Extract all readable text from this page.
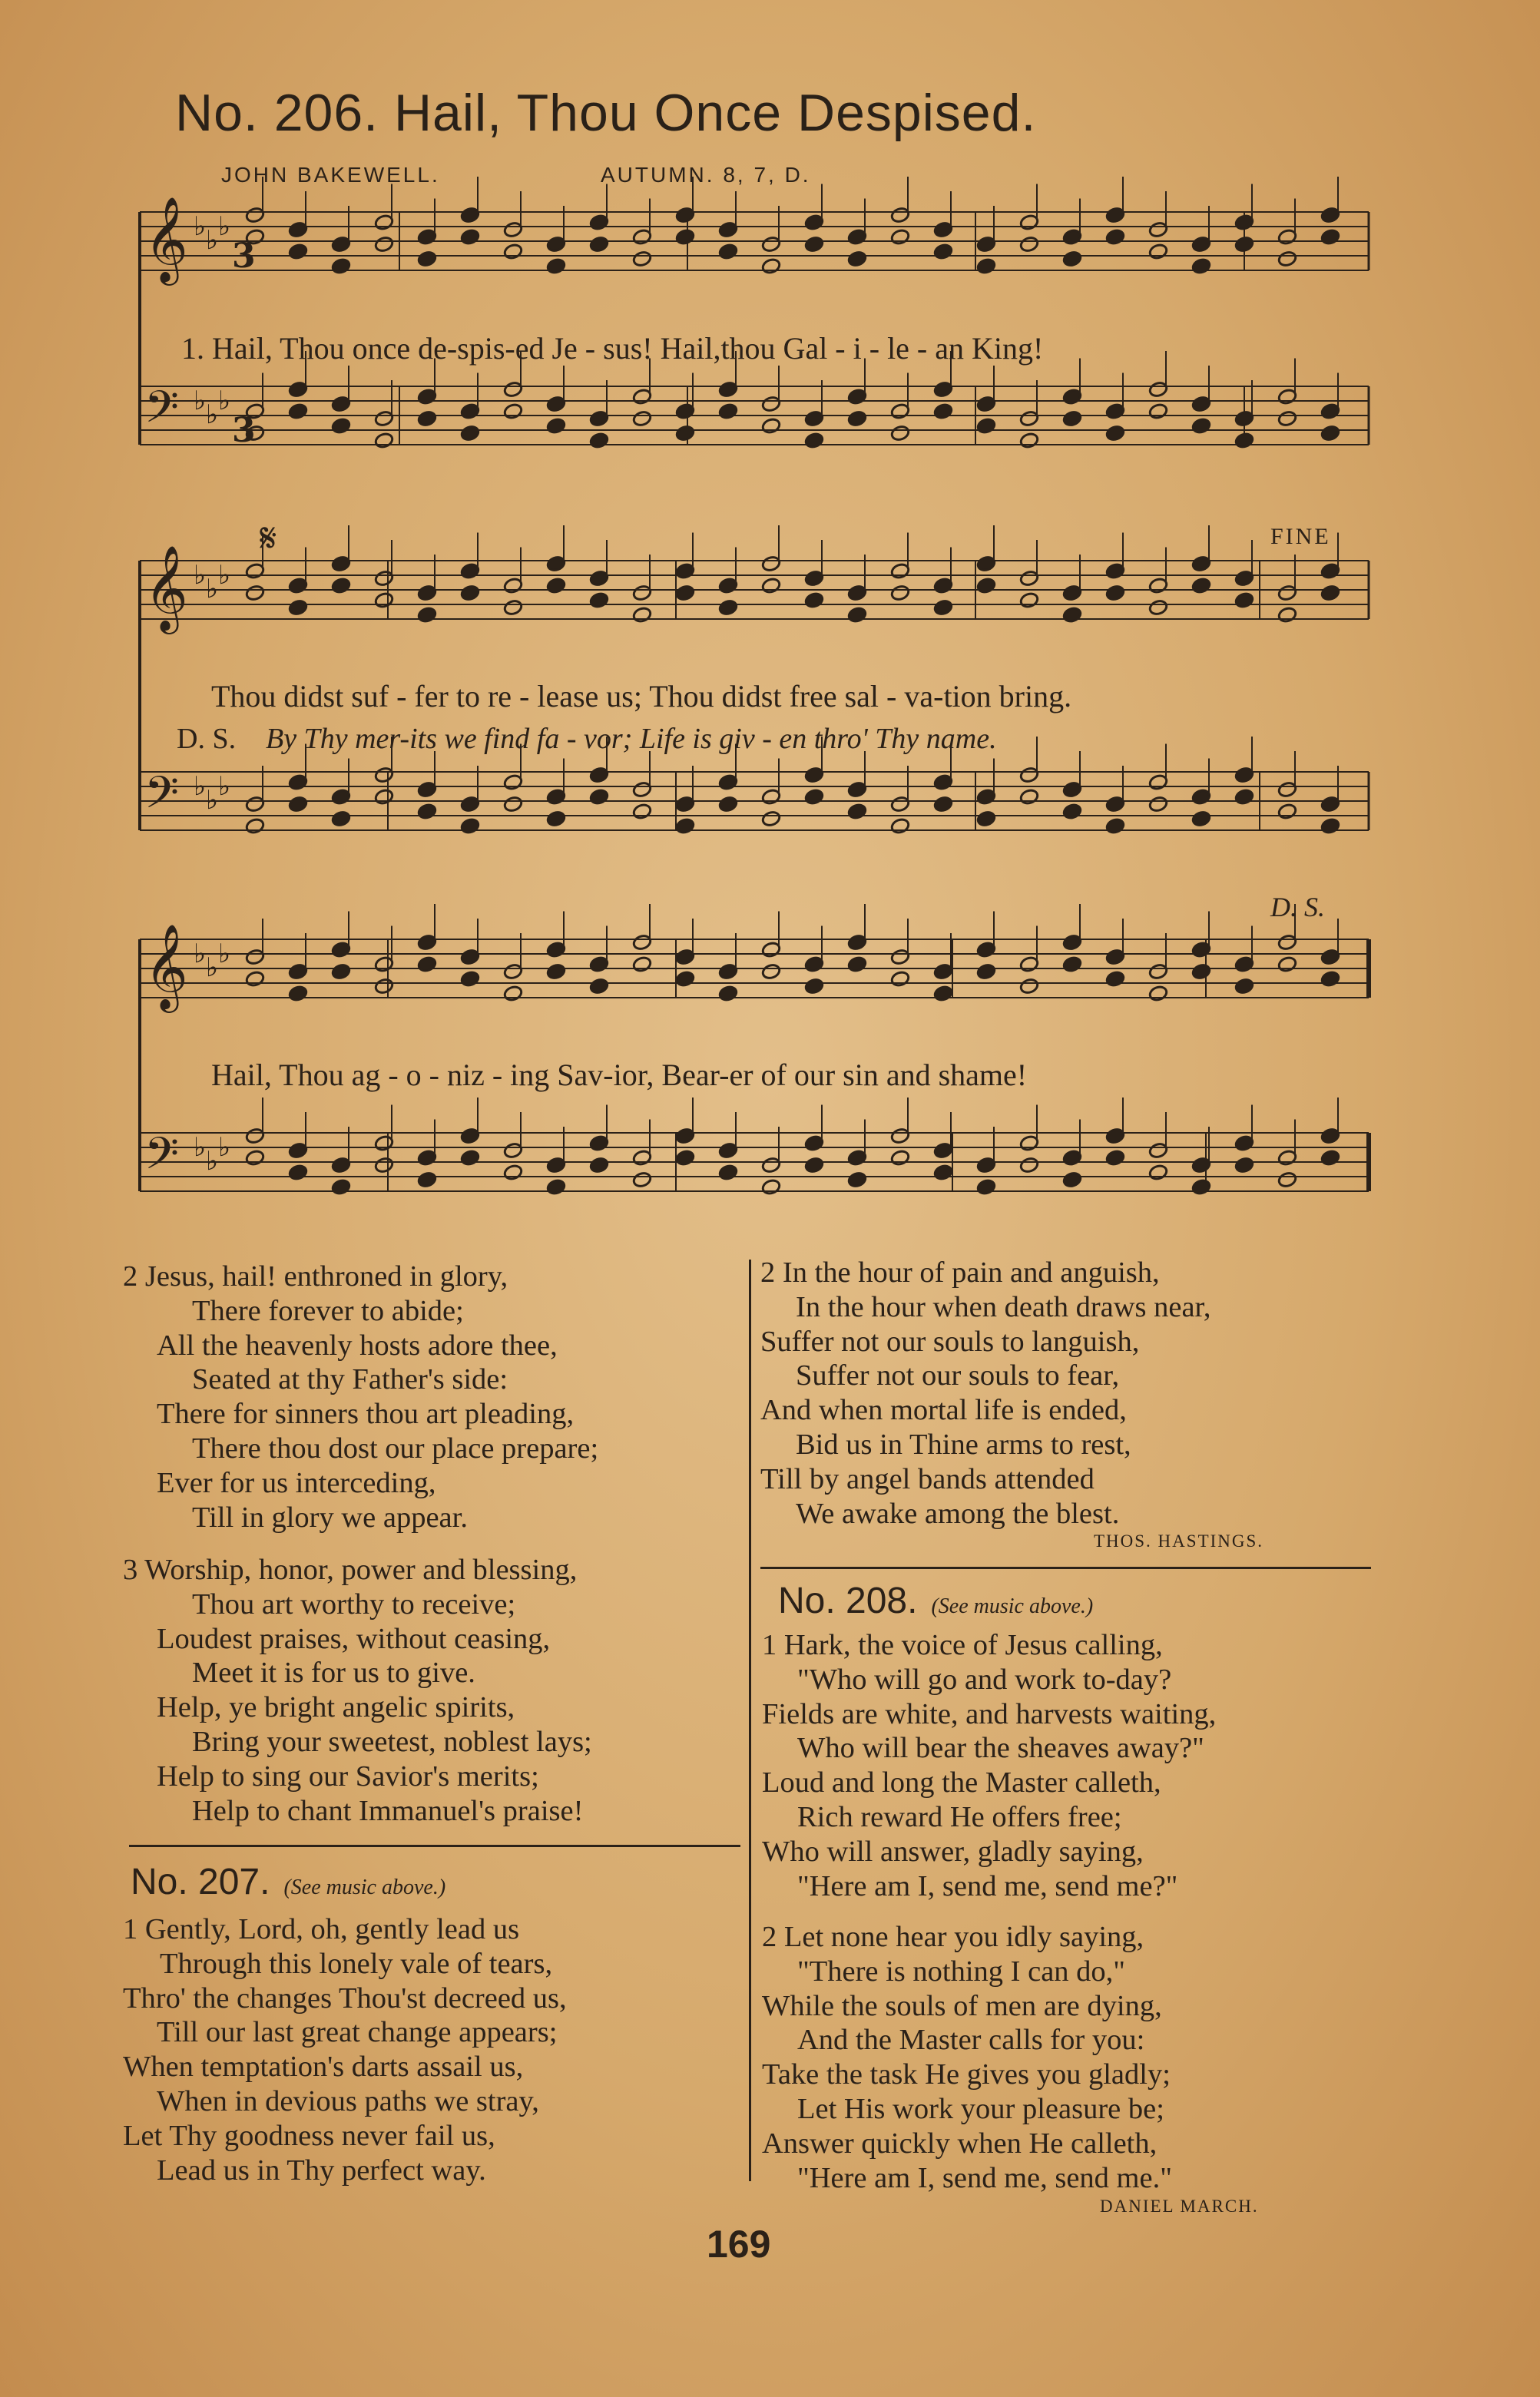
𝄞 ♭ ♭ ♭
3
𝄢 ♭ ♭ ♭
3
𝄞 ♭ ♭ ♭
𝄢 ♭ ♭ ♭
𝄞 ♭ ♭ ♭
𝄢 ♭ ♭ ♭
No. 206. Hail, Thou Once Despised.
JOHN BAKEWELL.	AUTUMN. 8, 7, D.
1. Hail, Thou once de-spis-ed Je - sus! Hail,thou Gal - i - le - an King!
𝄋	FINE
Thou didst suf - fer to re - lease us; Thou didst free sal - va-tion bring.
D. S. By Thy mer-its we find fa - vor; Life is giv - en thro' Thy name.
D. S.
Hail, Thou ag - o - niz - ing Sav-ior, Bear-er of our sin and shame!
2 Jesus, hail! enthroned in glory,
There forever to abide;
All the heavenly hosts adore thee,
Seated at thy Father's side:
There for sinners thou art pleading,
There thou dost our place prepare;
Ever for us interceding,
Till in glory we appear.
3 Worship, honor, power and blessing,
Thou art worthy to receive;
Loudest praises, without ceasing,
Meet it is for us to give.
Help, ye bright angelic spirits,
Bring your sweetest, noblest lays;
Help to sing our Savior's merits;
Help to chant Immanuel's praise!
No. 207. (See music above.)
1 Gently, Lord, oh, gently lead us
Through this lonely vale of tears,
Thro' the changes Thou'st decreed us,
Till our last great change appears;
When temptation's darts assail us,
When in devious paths we stray,
Let Thy goodness never fail us,
Lead us in Thy perfect way.
2 In the hour of pain and anguish,
In the hour when death draws near,
Suffer not our souls to languish,
Suffer not our souls to fear,
And when mortal life is ended,
Bid us in Thine arms to rest,
Till by angel bands attended
We awake among the blest.
THOS. HASTINGS.
No. 208. (See music above.)
1 Hark, the voice of Jesus calling,
"Who will go and work to-day?
Fields are white, and harvests waiting,
Who will bear the sheaves away?"
Loud and long the Master calleth,
Rich reward He offers free;
Who will answer, gladly saying,
"Here am I, send me, send me?"
2 Let none hear you idly saying,
"There is nothing I can do,"
While the souls of men are dying,
And the Master calls for you:
Take the task He gives you gladly;
Let His work your pleasure be;
Answer quickly when He calleth,
"Here am I, send me, send me."
DANIEL MARCH.
169
